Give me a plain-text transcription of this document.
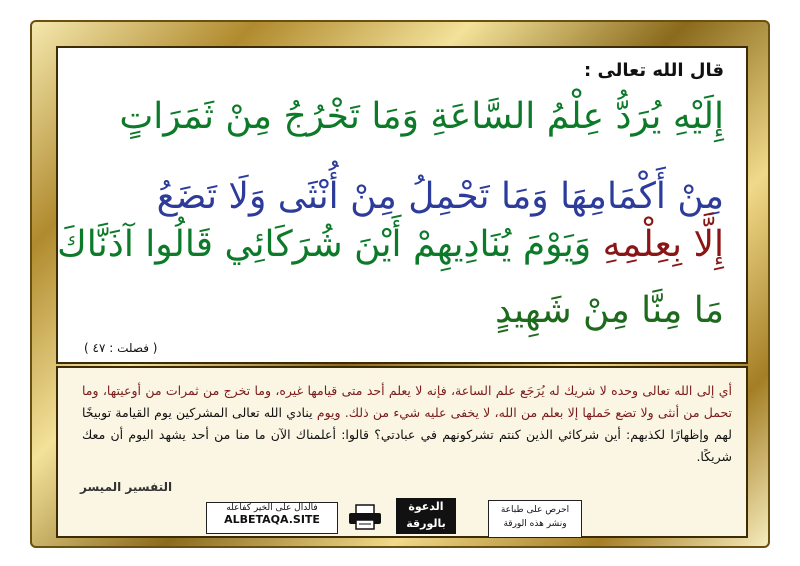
قال الله تعالى :
إِلَيْهِ يُرَدُّ عِلْمُ السَّاعَةِ وَمَا تَخْرُجُ مِنْ ثَمَرَاتٍ
مِنْ أَكْمَامِهَا وَمَا تَحْمِلُ مِنْ أُنْثَى وَلَا تَضَعُ
إِلَّا بِعِلْمِهِ وَيَوْمَ يُنَادِيهِمْ أَيْنَ شُرَكَائِي قَالُوا آذَنَّاكَ
مَا مِنَّا مِنْ شَهِيدٍ
( فصلت : ٤٧ )
أي إلى الله تعالى وحده لا شريك له يُرَجَع علم الساعة، فإنه لا يعلم أحد متى قيامها غيره، وما تخرج من ثمرات من أوعيتها، وما تحمل من أنثى ولا تضع حَملها إلا بعلم من الله، لا يخفى عليه شيء من ذلك. ويوم ينادي الله تعالى المشركين يوم القيامة توبيخًا لهم وإظهارًا لكذبهم: أين شركائي الذين كنتم تشركونهم في عبادتي؟ قالوا: أعلمناك الآن ما منا من أحد يشهد اليوم أن معك شريكًا.
التفسير الميسر
فالدال على الخير كفاعله
ALBETAQA.SITE
الدعوة
بالورقة
احرص على طباعة
ونشر هذه الورقة
